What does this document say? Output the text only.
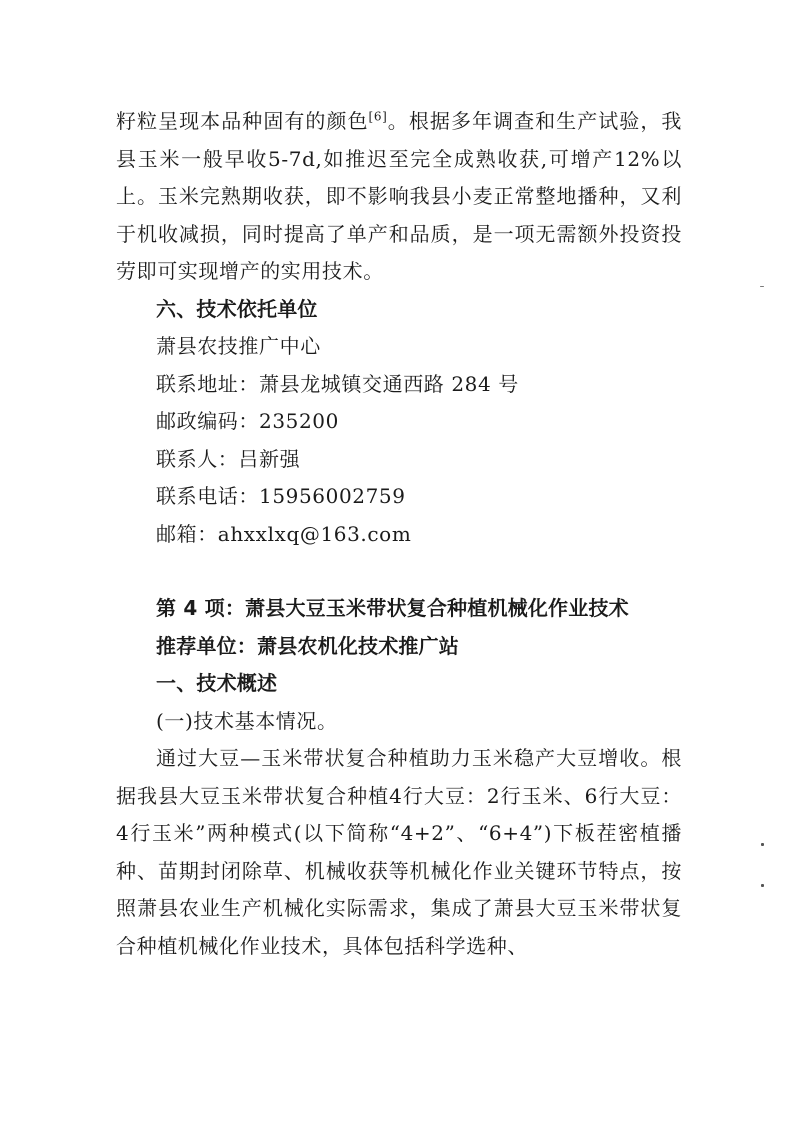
籽粒呈现本品种固有的颜色[6]。根据多年调查和生产试验，我县玉米一般早收5-7d,如推迟至完全成熟收获,可增产12%以上。玉米完熟期收获，即不影响我县小麦正常整地播种，又利于机收减损，同时提高了单产和品质，是一项无需额外投资投劳即可实现增产的实用技术。

六、技术依托单位

萧县农技推广中心

联系地址：萧县龙城镇交通西路 284 号

邮政编码：235200

联系人：吕新强

联系电话：15956002759

邮箱：ahxxlxq@163.com

第 4 项：萧县大豆玉米带状复合种植机械化作业技术

推荐单位：萧县农机化技术推广站

一、技术概述

(一)技术基本情况。

通过大豆—玉米带状复合种植助力玉米稳产大豆增收。根据我县大豆玉米带状复合种植4行大豆：2行玉米、6行大豆：4行玉米”两种模式(以下简称“4+2”、“6+4”)下板茬密植播种、苗期封闭除草、机械收获等机械化作业关键环节特点，按照萧县农业生产机械化实际需求，集成了萧县大豆玉米带状复合种植机械化作业技术，具体包括科学选种、
